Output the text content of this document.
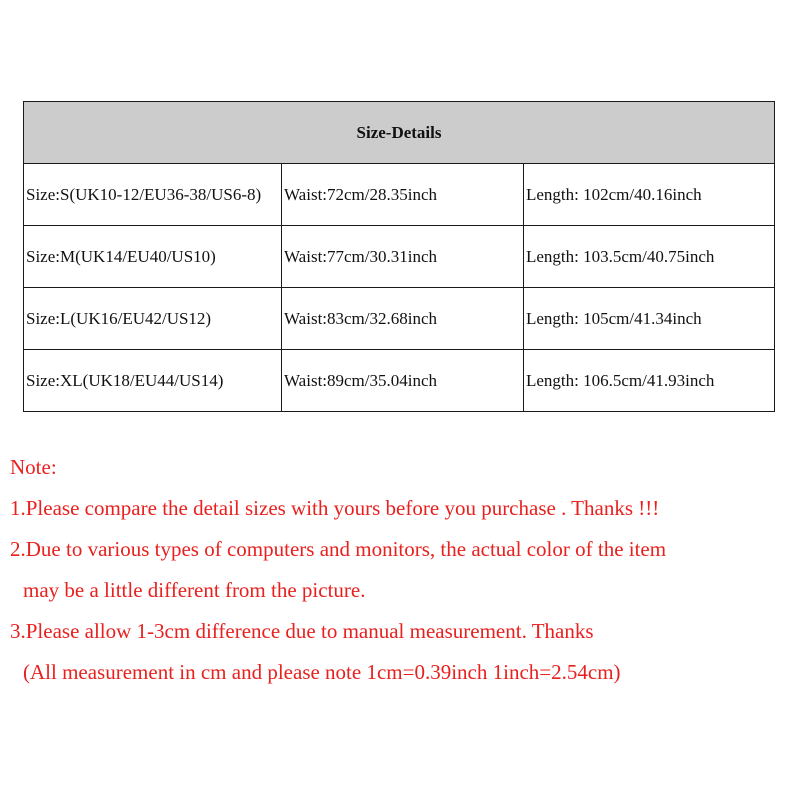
Size-Details		
Size:S(UK10-12/EU36-38/US6-8)	Waist:72cm/28.35inch	Length: 102cm/40.16inch
Size:M(UK14/EU40/US10)	Waist:77cm/30.31inch	Length: 103.5cm/40.75inch
Size:L(UK16/EU42/US12)	Waist:83cm/32.68inch	Length: 105cm/41.34inch
Size:XL(UK18/EU44/US14)	Waist:89cm/35.04inch	Length: 106.5cm/41.93inch
Note:
1.Please compare the detail sizes with yours before you purchase . Thanks !!!
2.Due to various types of computers and monitors, the actual color of the item
may be a little different from the picture.
3.Please allow 1-3cm difference due to manual measurement. Thanks
(All measurement in cm and please note 1cm=0.39inch 1inch=2.54cm)
